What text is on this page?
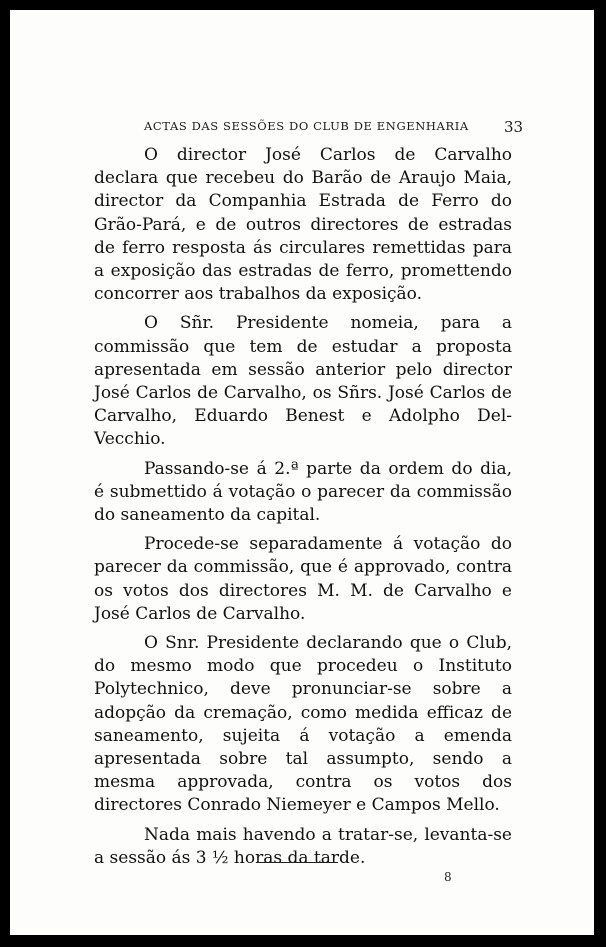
ACTAS DAS SESSÕES DO CLUB DE ENGENHARIA 33

O director José Carlos de Carvalho declara que recebeu do Barão de Araujo Maia, director da Companhia Estrada de Ferro do Grão-Pará, e de outros directores de estradas de ferro resposta ás circulares remettidas para a exposição das estradas de ferro, promettendo concorrer aos trabalhos da exposição.

O Sñr. Presidente nomeia, para a commissão que tem de estudar a proposta apresentada em sessão anterior pelo director José Carlos de Carvalho, os Sñrs. José Carlos de Carvalho, Eduardo Benest e Adolpho Del-Vecchio.

Passando-se á 2.ª parte da ordem do dia, é submettido á votação o parecer da commissão do saneamento da capital.

Procede-se separadamente á votação do parecer da commissão, que é approvado, contra os votos dos directores M. M. de Carvalho e José Carlos de Carvalho.

O Snr. Presidente declarando que o Club, do mesmo modo que procedeu o Instituto Polytechnico, deve pronunciar-se sobre a adopção da cremação, como medida efficaz de saneamento, sujeita á votação a emenda apresentada sobre tal assumpto, sendo a mesma approvada, contra os votos dos directores Conrado Niemeyer e Campos Mello.

Nada mais havendo a tratar-se, levanta-se a sessão ás 3 ½ horas da tarde.

8
